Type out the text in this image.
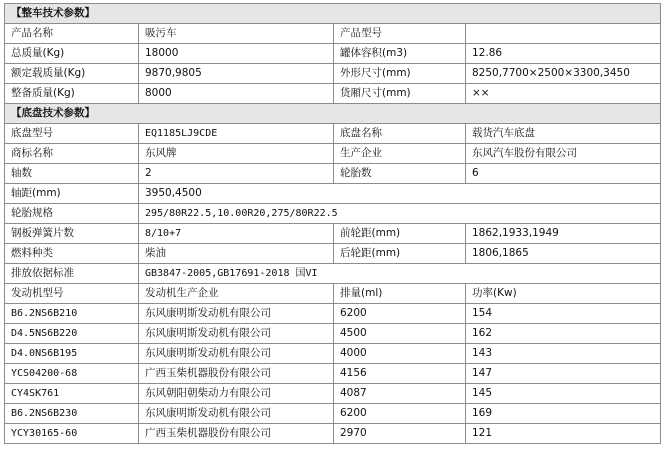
【整车技术参数】			
产品名称	吸污车	产品型号	
总质量(Kg)	18000	罐体容积(m3)	12.86
额定载质量(Kg)	9870,9805	外形尺寸(mm)	8250,7700×2500×3300,3450
整备质量(Kg)	8000	货厢尺寸(mm)	××
【底盘技术参数】			
底盘型号	EQ1185LJ9CDE	底盘名称	载货汽车底盘
商标名称	东风牌	生产企业	东风汽车股份有限公司
轴数	2	轮胎数	6
轴距(mm)	3950,4500		
轮胎规格	295/80R22.5,10.00R20,275/80R22.5		
钢板弹簧片数	8/10+7	前轮距(mm)	1862,1933,1949
燃料种类	柴油	后轮距(mm)	1806,1865
排放依据标准	GB3847-2005,GB17691-2018 国VI		
发动机型号	发动机生产企业	排量(ml)	功率(Kw)
B6.2NS6B210	东风康明斯发动机有限公司	6200	154
D4.5NS6B220	东风康明斯发动机有限公司	4500	162
D4.0NS6B195	东风康明斯发动机有限公司	4000	143
YCS04200-68	广西玉柴机器股份有限公司	4156	147
CY4SK761	东风朝阳朝柴动力有限公司	4087	145
B6.2NS6B230	东风康明斯发动机有限公司	6200	169
YCY30165-60	广西玉柴机器股份有限公司	2970	121
